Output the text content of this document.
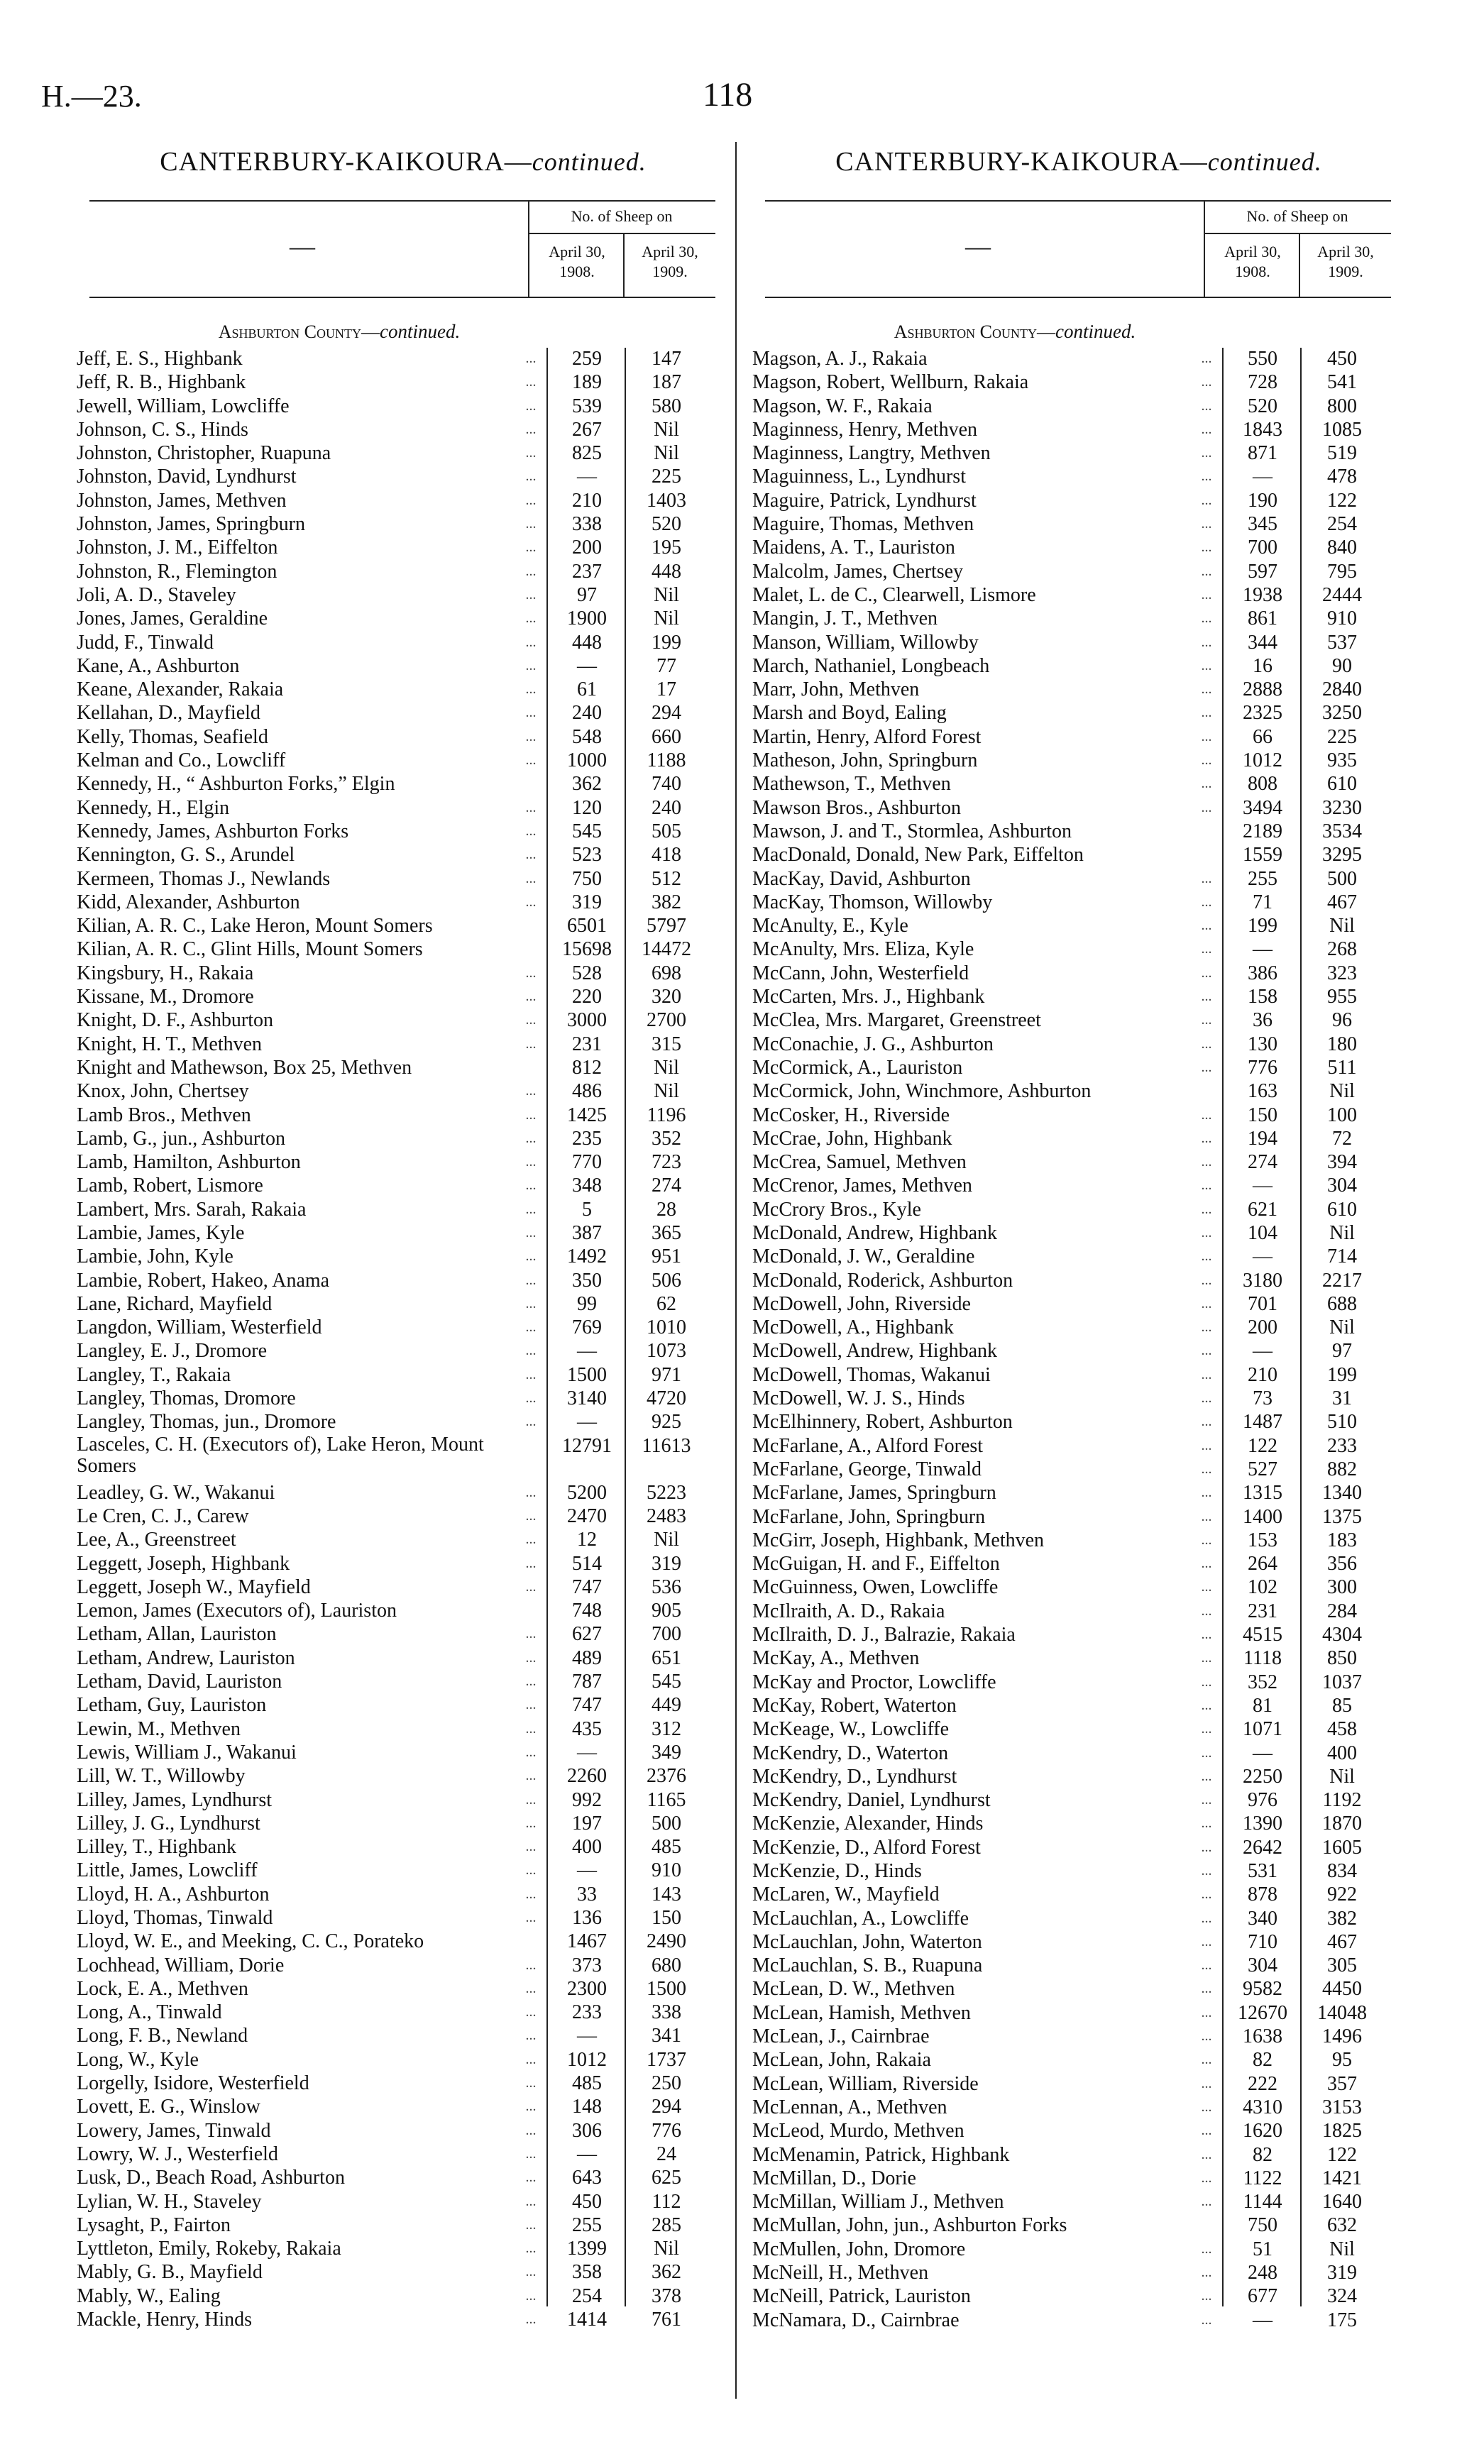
H.—23.	118
CANTERBURY-KAIKOURA—continued.
—
No. of Sheep on
April 30,
1908.
April 30,
1909.
Ashburton County—continued.
Jeff, E. S., Highbank	...	259	147
Jeff, R. B., Highbank	...	189	187
Jewell, William, Lowcliffe	...	539	580
Johnson, C. S., Hinds	...	267	Nil
Johnston, Christopher, Ruapuna	...	825	Nil
Johnston, David, Lyndhurst	...	—	225
Johnston, James, Methven	...	210	1403
Johnston, James, Springburn	...	338	520
Johnston, J. M., Eiffelton	...	200	195
Johnston, R., Flemington	...	237	448
Joli, A. D., Staveley	...	97	Nil
Jones, James, Geraldine	...	1900	Nil
Judd, F., Tinwald	...	448	199
Kane, A., Ashburton	...	—	77
Keane, Alexander, Rakaia	...	61	17
Kellahan, D., Mayfield	...	240	294
Kelly, Thomas, Seafield	...	548	660
Kelman and Co., Lowcliff	...	1000	1188
Kennedy, H., “ Ashburton Forks,” Elgin	362	740
Kennedy, H., Elgin	...	120	240
Kennedy, James, Ashburton Forks	...	545	505
Kennington, G. S., Arundel	...	523	418
Kermeen, Thomas J., Newlands	...	750	512
Kidd, Alexander, Ashburton	...	319	382
Kilian, A. R. C., Lake Heron, Mount Somers	6501	5797
Kilian, A. R. C., Glint Hills, Mount Somers	15698	14472
Kingsbury, H., Rakaia	...	528	698
Kissane, M., Dromore	...	220	320
Knight, D. F., Ashburton	...	3000	2700
Knight, H. T., Methven	...	231	315
Knight and Mathewson, Box 25, Methven	812	Nil
Knox, John, Chertsey	...	486	Nil
Lamb Bros., Methven	...	1425	1196
Lamb, G., jun., Ashburton	...	235	352
Lamb, Hamilton, Ashburton	...	770	723
Lamb, Robert, Lismore	...	348	274
Lambert, Mrs. Sarah, Rakaia	...	5	28
Lambie, James, Kyle	...	387	365
Lambie, John, Kyle	...	1492	951
Lambie, Robert, Hakeo, Anama	...	350	506
Lane, Richard, Mayfield	...	99	62
Langdon, William, Westerfield	...	769	1010
Langley, E. J., Dromore	...	—	1073
Langley, T., Rakaia	...	1500	971
Langley, Thomas, Dromore	...	3140	4720
Langley, Thomas, jun., Dromore	...	—	925
Lasceles, C. H. (Executors of), Lake Heron, Mount Somers
12791	11613
Leadley, G. W., Wakanui	...	5200	5223
Le Cren, C. J., Carew	...	2470	2483
Lee, A., Greenstreet	...	12	Nil
Leggett, Joseph, Highbank	...	514	319
Leggett, Joseph W., Mayfield	...	747	536
Lemon, James (Executors of), Lauriston	748	905
Letham, Allan, Lauriston	...	627	700
Letham, Andrew, Lauriston	...	489	651
Letham, David, Lauriston	...	787	545
Letham, Guy, Lauriston	...	747	449
Lewin, M., Methven	...	435	312
Lewis, William J., Wakanui	...	—	349
Lill, W. T., Willowby	...	2260	2376
Lilley, James, Lyndhurst	...	992	1165
Lilley, J. G., Lyndhurst	...	197	500
Lilley, T., Highbank	...	400	485
Little, James, Lowcliff	...	—	910
Lloyd, H. A., Ashburton	...	33	143
Lloyd, Thomas, Tinwald	...	136	150
Lloyd, W. E., and Meeking, C. C., Porateko	1467	2490
Lochhead, William, Dorie	...	373	680
Lock, E. A., Methven	...	2300	1500
Long, A., Tinwald	...	233	338
Long, F. B., Newland	...	—	341
Long, W., Kyle	...	1012	1737
Lorgelly, Isidore, Westerfield	...	485	250
Lovett, E. G., Winslow	...	148	294
Lowery, James, Tinwald	...	306	776
Lowry, W. J., Westerfield	...	—	24
Lusk, D., Beach Road, Ashburton	...	643	625
Lylian, W. H., Staveley	...	450	112
Lysaght, P., Fairton	...	255	285
Lyttleton, Emily, Rokeby, Rakaia	...	1399	Nil
Mably, G. B., Mayfield	...	358	362
Mably, W., Ealing	...	254	378
Mackle, Henry, Hinds	...	1414	761
CANTERBURY-KAIKOURA—continued.
—
No. of Sheep on
April 30,
1908.
April 30,
1909.
Ashburton County—continued.
Magson, A. J., Rakaia	...	550	450
Magson, Robert, Wellburn, Rakaia	...	728	541
Magson, W. F., Rakaia	...	520	800
Maginness, Henry, Methven	...	1843	1085
Maginness, Langtry, Methven	...	871	519
Maguinness, L., Lyndhurst	...	—	478
Maguire, Patrick, Lyndhurst	...	190	122
Maguire, Thomas, Methven	...	345	254
Maidens, A. T., Lauriston	...	700	840
Malcolm, James, Chertsey	...	597	795
Malet, L. de C., Clearwell, Lismore	...	1938	2444
Mangin, J. T., Methven	...	861	910
Manson, William, Willowby	...	344	537
March, Nathaniel, Longbeach	...	16	90
Marr, John, Methven	...	2888	2840
Marsh and Boyd, Ealing	...	2325	3250
Martin, Henry, Alford Forest	...	66	225
Matheson, John, Springburn	...	1012	935
Mathewson, T., Methven	...	808	610
Mawson Bros., Ashburton	...	3494	3230
Mawson, J. and T., Stormlea, Ashburton	2189	3534
MacDonald, Donald, New Park, Eiffelton	1559	3295
MacKay, David, Ashburton	...	255	500
MacKay, Thomson, Willowby	...	71	467
McAnulty, E., Kyle	...	199	Nil
McAnulty, Mrs. Eliza, Kyle	...	—	268
McCann, John, Westerfield	...	386	323
McCarten, Mrs. J., Highbank	...	158	955
McClea, Mrs. Margaret, Greenstreet	...	36	96
McConachie, J. G., Ashburton	...	130	180
McCormick, A., Lauriston	...	776	511
McCormick, John, Winchmore, Ashburton	163	Nil
McCosker, H., Riverside	...	150	100
McCrae, John, Highbank	...	194	72
McCrea, Samuel, Methven	...	274	394
McCrenor, James, Methven	...	—	304
McCrory Bros., Kyle	...	621	610
McDonald, Andrew, Highbank	...	104	Nil
McDonald, J. W., Geraldine	...	—	714
McDonald, Roderick, Ashburton	...	3180	2217
McDowell, John, Riverside	...	701	688
McDowell, A., Highbank	...	200	Nil
McDowell, Andrew, Highbank	...	—	97
McDowell, Thomas, Wakanui	...	210	199
McDowell, W. J. S., Hinds	...	73	31
McElhinnery, Robert, Ashburton	...	1487	510
McFarlane, A., Alford Forest	...	122	233
McFarlane, George, Tinwald	...	527	882
McFarlane, James, Springburn	...	1315	1340
McFarlane, John, Springburn	...	1400	1375
McGirr, Joseph, Highbank, Methven	...	153	183
McGuigan, H. and F., Eiffelton	...	264	356
McGuinness, Owen, Lowcliffe	...	102	300
McIlraith, A. D., Rakaia	...	231	284
McIlraith, D. J., Balrazie, Rakaia	...	4515	4304
McKay, A., Methven	...	1118	850
McKay and Proctor, Lowcliffe	...	352	1037
McKay, Robert, Waterton	...	81	85
McKeage, W., Lowcliffe	...	1071	458
McKendry, D., Waterton	...	—	400
McKendry, D., Lyndhurst	...	2250	Nil
McKendry, Daniel, Lyndhurst	...	976	1192
McKenzie, Alexander, Hinds	...	1390	1870
McKenzie, D., Alford Forest	...	2642	1605
McKenzie, D., Hinds	...	531	834
McLaren, W., Mayfield	...	878	922
McLauchlan, A., Lowcliffe	...	340	382
McLauchlan, John, Waterton	...	710	467
McLauchlan, S. B., Ruapuna	...	304	305
McLean, D. W., Methven	...	9582	4450
McLean, Hamish, Methven	...	12670	14048
McLean, J., Cairnbrae	...	1638	1496
McLean, John, Rakaia	...	82	95
McLean, William, Riverside	...	222	357
McLennan, A., Methven	...	4310	3153
McLeod, Murdo, Methven	...	1620	1825
McMenamin, Patrick, Highbank	...	82	122
McMillan, D., Dorie	...	1122	1421
McMillan, William J., Methven	...	1144	1640
McMullan, John, jun., Ashburton Forks	750	632
McMullen, John, Dromore	...	51	Nil
McNeill, H., Methven	...	248	319
McNeill, Patrick, Lauriston	...	677	324
McNamara, D., Cairnbrae	...	—	175
